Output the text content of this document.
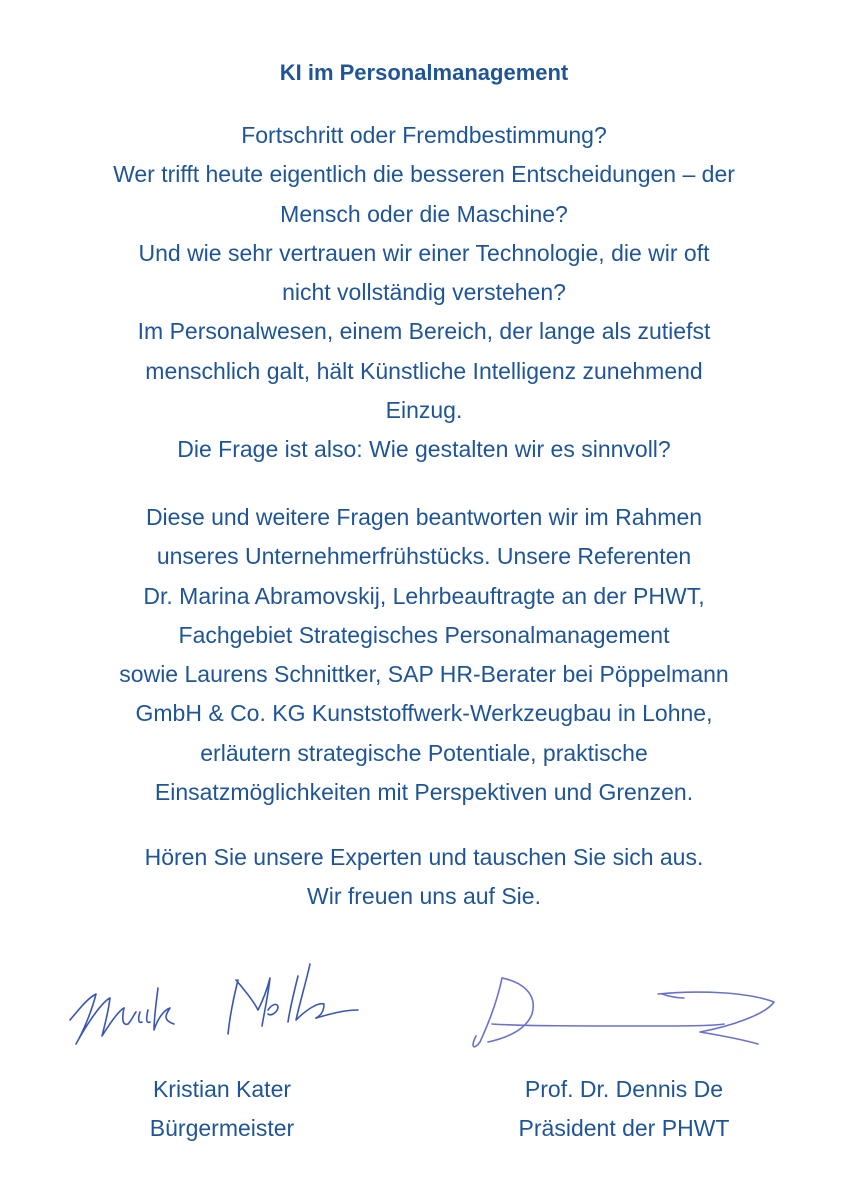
KI im Personalmanagement
Fortschritt oder Fremdbestimmung?
Wer trifft heute eigentlich die besseren Entscheidungen – der
Mensch oder die Maschine?
Und wie sehr vertrauen wir einer Technologie, die wir oft
nicht vollständig verstehen?
Im Personalwesen, einem Bereich, der lange als zutiefst
menschlich galt, hält Künstliche Intelligenz zunehmend
Einzug.
Die Frage ist also: Wie gestalten wir es sinnvoll?
Diese und weitere Fragen beantworten wir im Rahmen
unseres Unternehmerfrühstücks. Unsere Referenten
Dr. Marina Abramovskij, Lehrbeauftragte an der PHWT,
Fachgebiet Strategisches Personalmanagement
sowie Laurens Schnittker, SAP HR-Berater bei Pöppelmann
GmbH & Co. KG Kunststoffwerk-Werkzeugbau in Lohne,
erläutern strategische Potentiale, praktische
Einsatzmöglichkeiten mit Perspektiven und Grenzen.
Hören Sie unsere Experten und tauschen Sie sich aus.
Wir freuen uns auf Sie.
Kristian Kater
Bürgermeister
Prof. Dr. Dennis De
Präsident der PHWT
